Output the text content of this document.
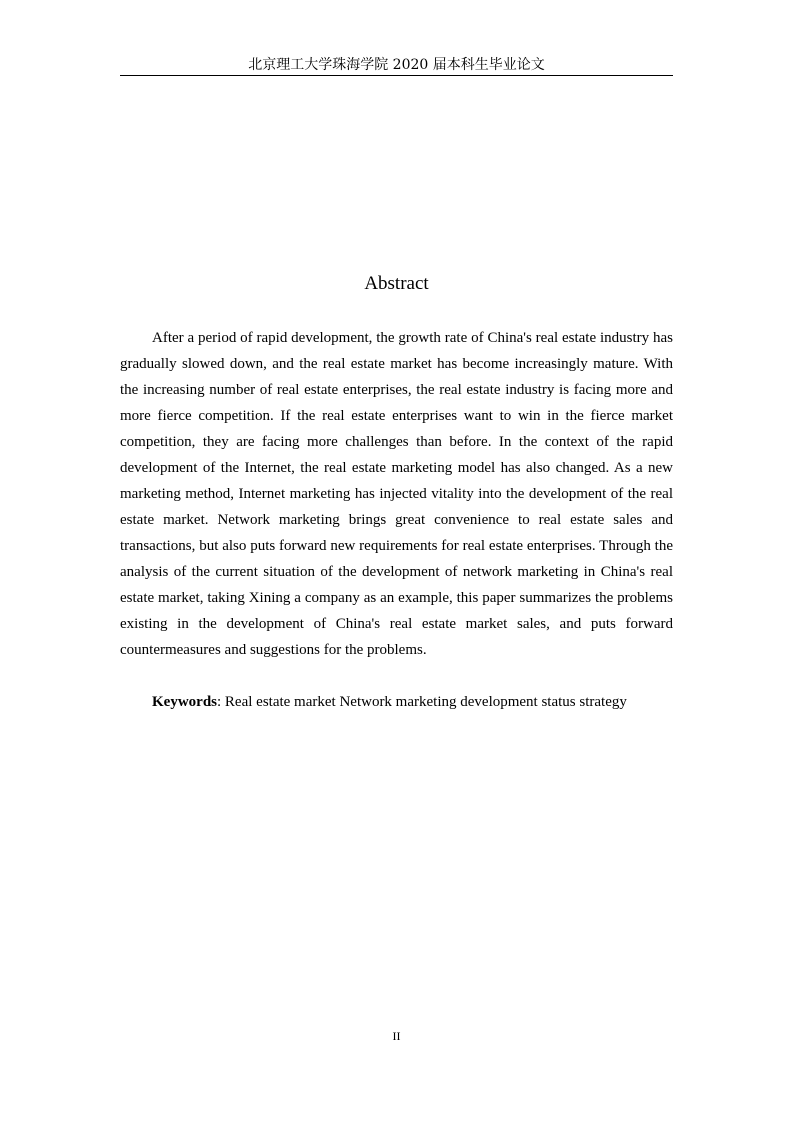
北京理工大学珠海学院 2020 届本科生毕业论文
Abstract

After a period of rapid development, the growth rate of China's real estate industry has gradually slowed down, and the real estate market has become increasingly mature. With the increasing number of real estate enterprises, the real estate industry is facing more and more fierce competition. If the real estate enterprises want to win in the fierce market competition, they are facing more challenges than before. In the context of the rapid development of the Internet, the real estate marketing model has also changed. As a new marketing method, Internet marketing has injected vitality into the development of the real estate market. Network marketing brings great convenience to real estate sales and transactions, but also puts forward new requirements for real estate enterprises. Through the analysis of the current situation of the development of network marketing in China's real estate market, taking Xining a company as an example, this paper summarizes the problems existing in the development of China's real estate market sales, and puts forward countermeasures and suggestions for the problems.

Keywords: Real estate market Network marketing development status strategy

II
